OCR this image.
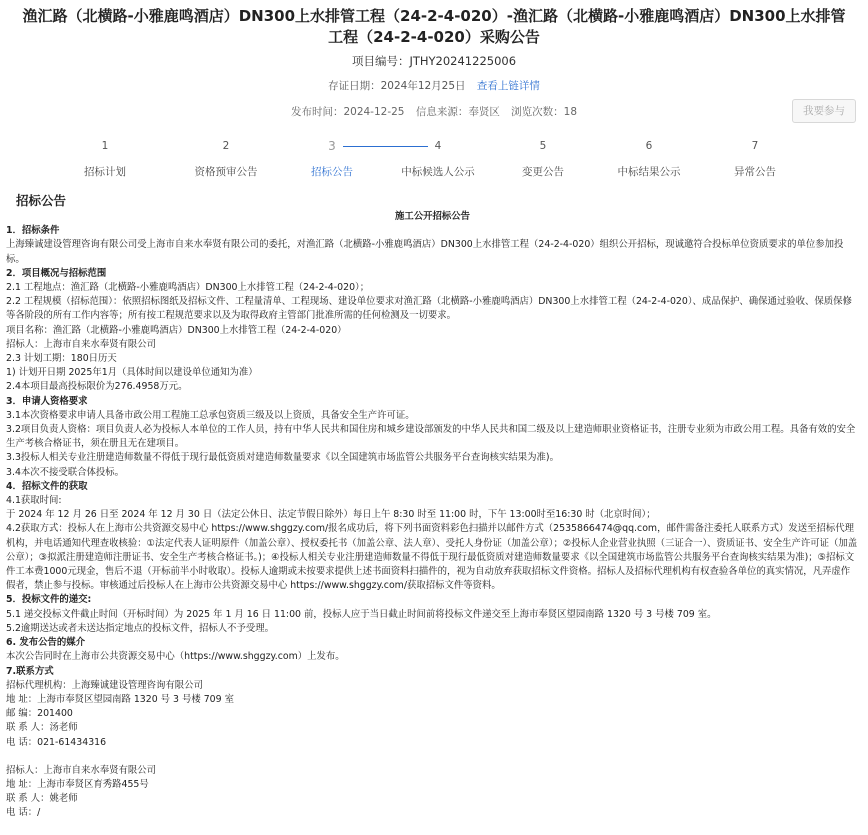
渔汇路（北横路-小雅鹿鸣酒店）DN300上水排管工程（24-2-4-020）-渔汇路（北横路-小雅鹿鸣酒店）DN300上水排管工程（24-2-4-020）采购公告
项目编号：JTHY20241225006
存证日期：2024年12月25日 查看上链详情
发布时间：2024-12-25 信息来源：奉贤区 浏览次数：18	我要参与
1
招标计划
2
资格预审公告
3
招标公告
4
中标候选人公示
5
变更公告
6
中标结果公示
7
异常公告
招标公告

施工公开招标公告

1．招标条件

上海臻诚建设管理咨询有限公司受上海市自来水奉贤有限公司的委托，对渔汇路（北横路-小雅鹿鸣酒店）DN300上水排管工程（24-2-4-020）组织公开招标，现诚邀符合投标单位资质要求的单位参加投标。

2．项目概况与招标范围

2.1 工程地点：渔汇路（北横路-小雅鹿鸣酒店）DN300上水排管工程（24-2-4-020）；

2.2 工程规模（招标范围）：依照招标图纸及招标文件、工程量清单、工程现场、建设单位要求对渔汇路（北横路-小雅鹿鸣酒店）DN300上水排管工程（24-2-4-020）、成品保护、确保通过验收、保质保修等各阶段的所有工作内容等；所有按工程规范要求以及为取得政府主管部门批准所需的任何检测及一切要求。

项目名称：渔汇路（北横路-小雅鹿鸣酒店）DN300上水排管工程（24-2-4-020）

招标人：上海市自来水奉贤有限公司

2.3 计划工期：180日历天

1) 计划开日期 2025年1月（具体时间以建设单位通知为准）

2.4本项目最高投标限价为276.4958万元。

3．申请人资格要求

3.1本次资格要求申请人具备市政公用工程施工总承包资质三级及以上资质，具备安全生产许可证。

3.2项目负责人资格：项目负责人必为投标人本单位的工作人员，持有中华人民共和国住房和城乡建设部颁发的中华人民共和国二级及以上建造师职业资格证书，注册专业须为市政公用工程。具备有效的安全生产考核合格证书，须在册且无在建项目。

3.3投标人相关专业注册建造师数量不得低于现行最低资质对建造师数量要求《以全国建筑市场监管公共服务平台查询核实结果为准)。

3.4本次不接受联合体投标。

4．招标文件的获取

4.1获取时间:

于 2024 年 12 月 26 日至 2024 年 12 月 30 日（法定公休日、法定节假日除外）每日上午 8:30 时至 11:00 时，下午 13:00时至16:30 时（北京时间）；

4.2获取方式：投标人在上海市公共资源交易中心 https://www.shggzy.com/报名成功后，将下列书面资料彩色扫描并以邮件方式（2535866474@qq.com，邮件需备注委托人联系方式）发送至招标代理机构，并电话通知代理查收核验：①法定代表人证明原件（加盖公章）、授权委托书（加盖公章、法人章）、受托人身份证（加盖公章）；②投标人企业营业执照（三证合一）、资质证书、安全生产许可证（加盖公章）；③拟派注册建造师注册证书、安全生产考核合格证书。)；④投标人相关专业注册建造师数量不得低于现行最低资质对建造师数量要求《以全国建筑市场监管公共服务平台查询核实结果为准)；⑤招标文件工本费1000元现金，售后不退（开标前半小时收取）。投标人逾期或未按要求提供上述书面资料扫描件的，视为自动放弃获取招标文件资格。招标人及招标代理机构有权查验各单位的真实情况，凡弄虚作假者，禁止参与投标。审核通过后投标人在上海市公共资源交易中心 https://www.shggzy.com/获取招标文件等资料。

5．投标文件的递交:

5.1 递交投标文件截止时间（开标时间）为 2025 年 1 月 16 日 11:00 前，投标人应于当日截止时间前将投标文件递交至上海市奉贤区望园南路 1320 号 3 号楼 709 室。

5.2逾期送达或者未送达指定地点的投标文件，招标人不予受理。

6. 发布公告的媒介

本次公告同时在上海市公共资源交易中心（https://www.shggzy.com）上发布。

7.联系方式

招标代理机构：上海臻诚建设管理咨询有限公司

地 址：上海市奉贤区望园南路 1320 号 3 号楼 709 室

邮 编：201400

联 系 人：汤老师

电 话：021-61434316

招标人：上海市自来水奉贤有限公司

地 址：上海市奉贤区育秀路455号

联 系 人：姚老师

电 话：/
